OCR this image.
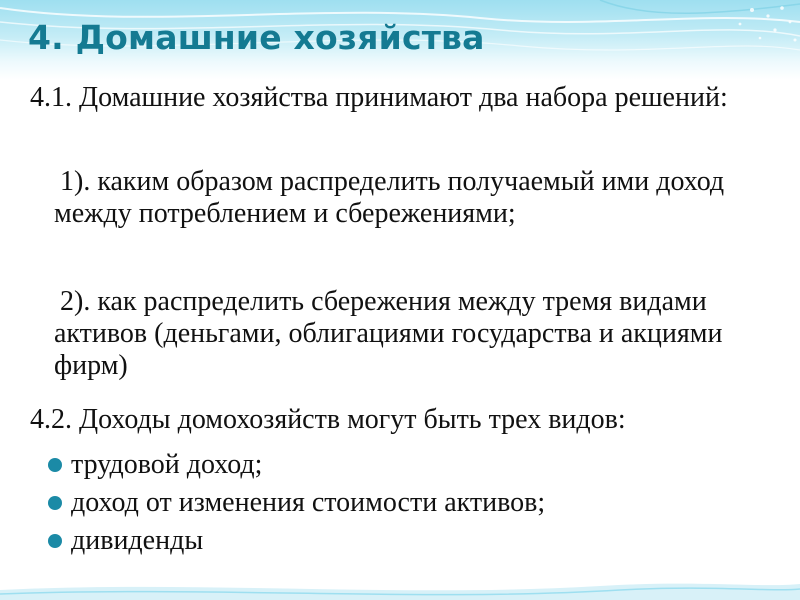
4. Домашние хозяйства

4.1. Домашние хозяйства принимают два набора решений:

1). каким образом распределить получаемый ими доход между потреблением и сбережениями;

2). как распределить сбережения между тремя видами активов (деньгами, облигациями государства и акциями фирм)

4.2. Доходы домохозяйств могут быть трех видов:

трудовой доход;
доход от изменения стоимости активов;
дивиденды
